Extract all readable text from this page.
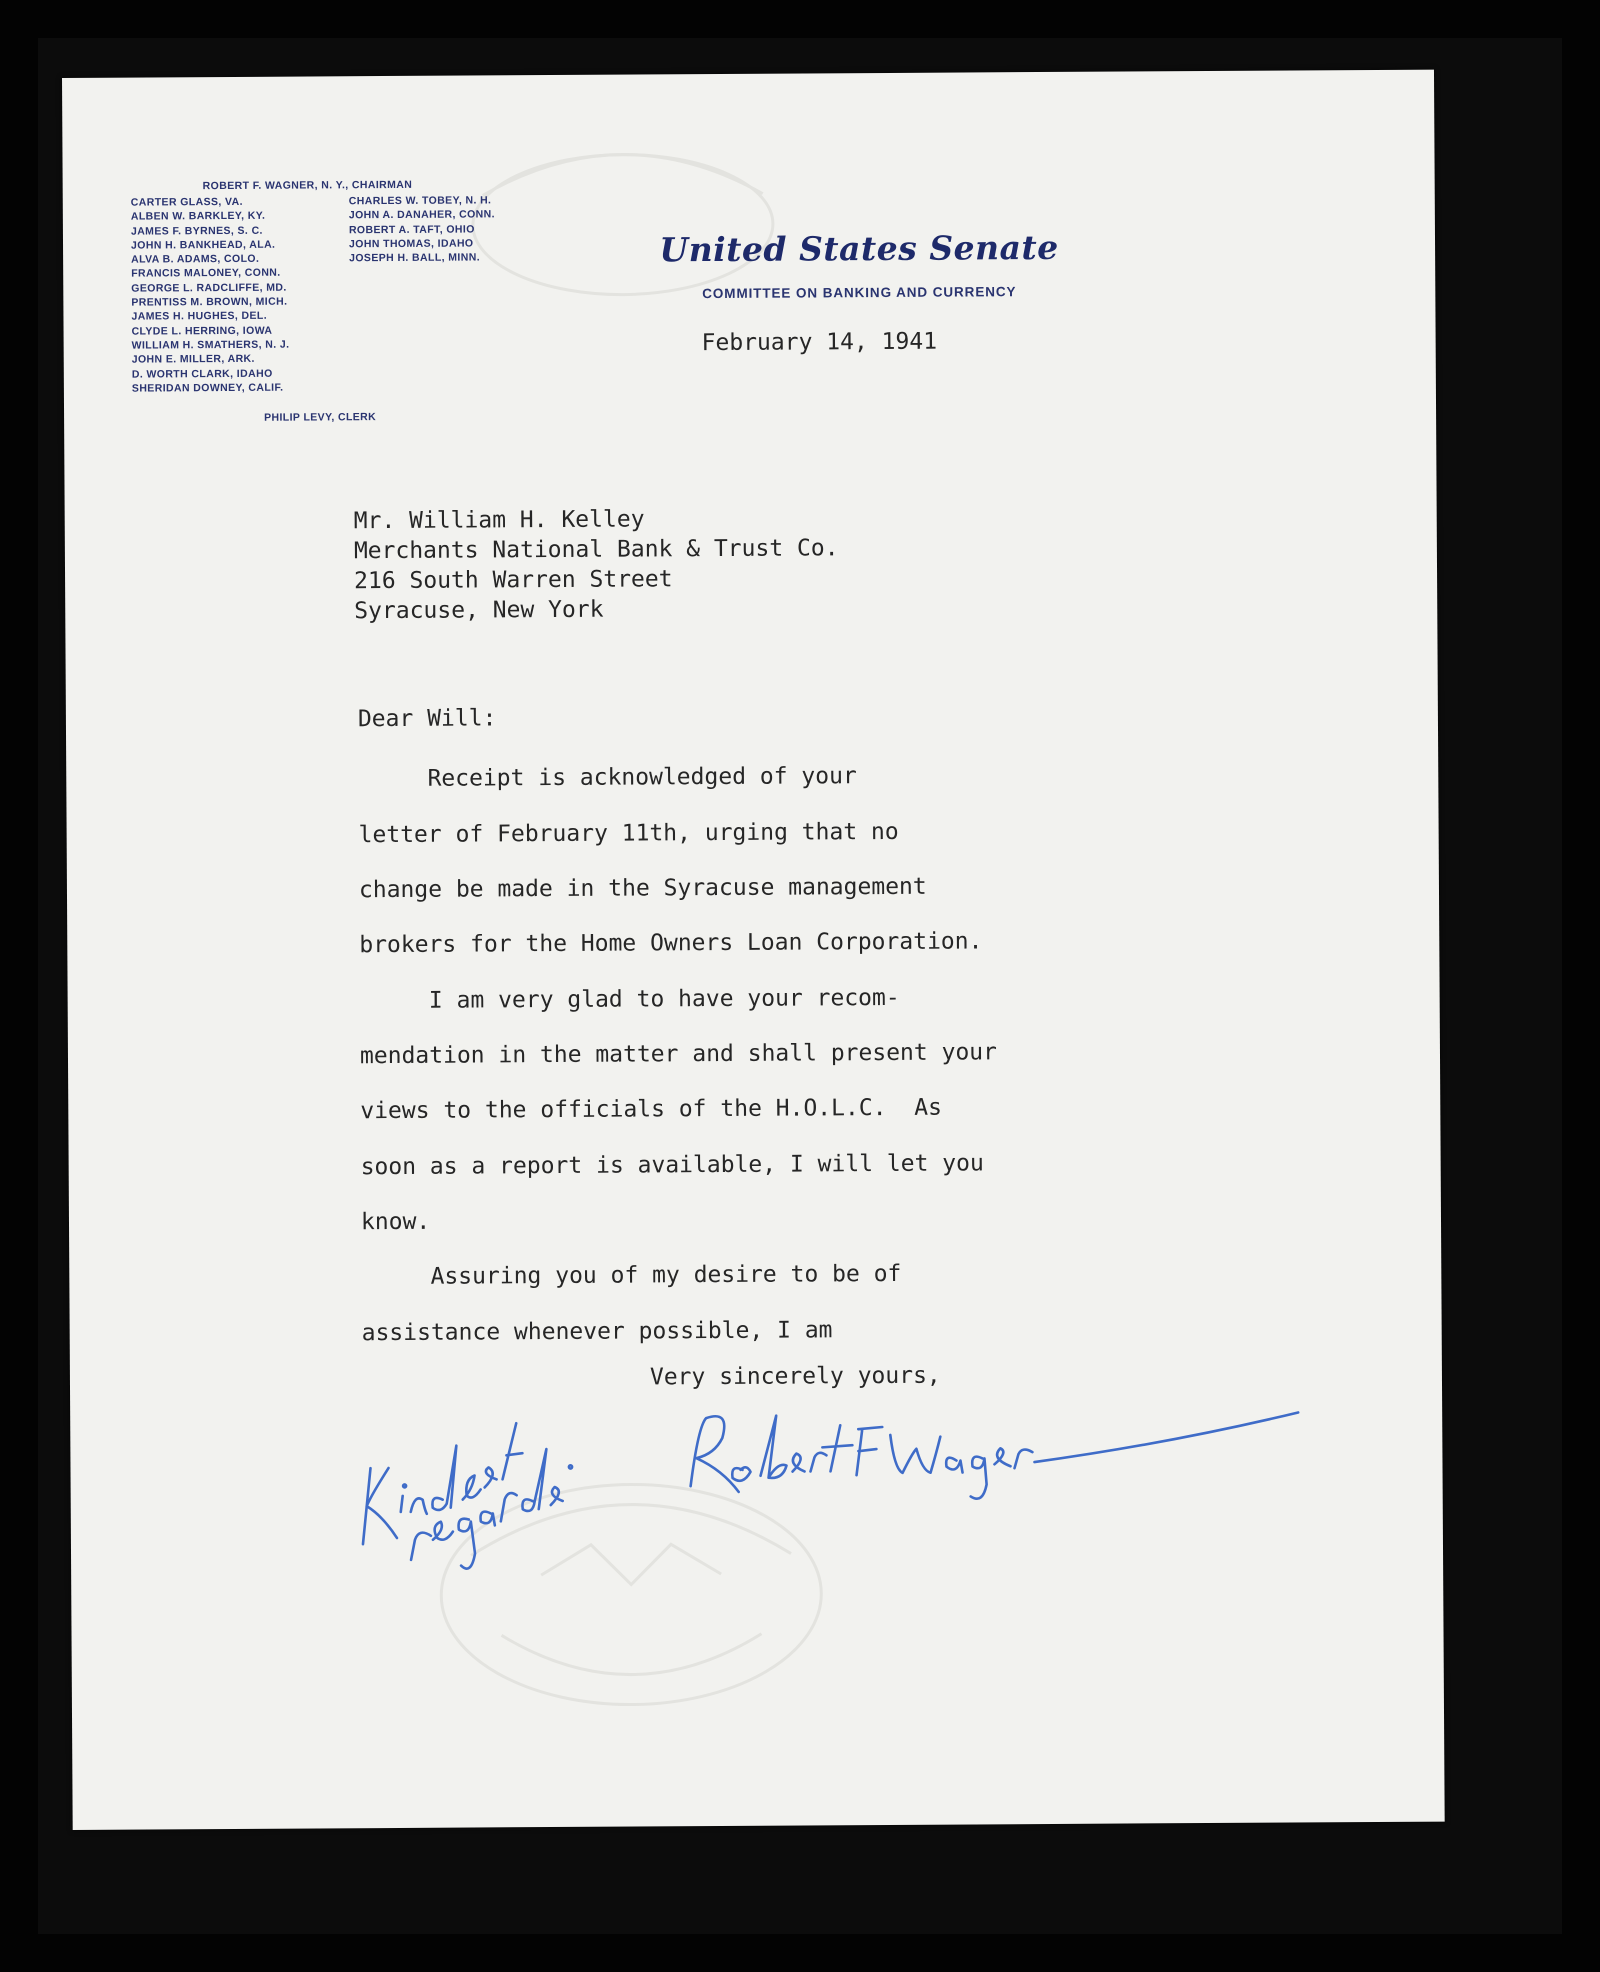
ROBERT F. WAGNER, N. Y., CHAIRMAN
CARTER GLASS, VA.
ALBEN W. BARKLEY, KY.
JAMES F. BYRNES, S. C.
JOHN H. BANKHEAD, ALA.
ALVA B. ADAMS, COLO.
FRANCIS MALONEY, CONN.
GEORGE L. RADCLIFFE, MD.
PRENTISS M. BROWN, MICH.
JAMES H. HUGHES, DEL.
CLYDE L. HERRING, IOWA
WILLIAM H. SMATHERS, N. J.
JOHN E. MILLER, ARK.
D. WORTH CLARK, IDAHO
SHERIDAN DOWNEY, CALIF.
CHARLES W. TOBEY, N. H.
JOHN A. DANAHER, CONN.
ROBERT A. TAFT, OHIO
JOHN THOMAS, IDAHO
JOSEPH H. BALL, MINN.
PHILIP LEVY, CLERK
United States Senate
COMMITTEE ON BANKING AND CURRENCY
February 14, 1941
Mr. William H. Kelley
Merchants National Bank & Trust Co.
216 South Warren Street
Syracuse, New York
Dear Will:
Receipt is acknowledged of your
letter of February 11th, urging that no
change be made in the Syracuse management
brokers for the Home Owners Loan Corporation.
I am very glad to have your recom-
mendation in the matter and shall present your
views to the officials of the H.O.L.C.  As
soon as a report is available, I will let you
know.
Assuring you of my desire to be of
assistance whenever possible, I am
Very sincerely yours,
